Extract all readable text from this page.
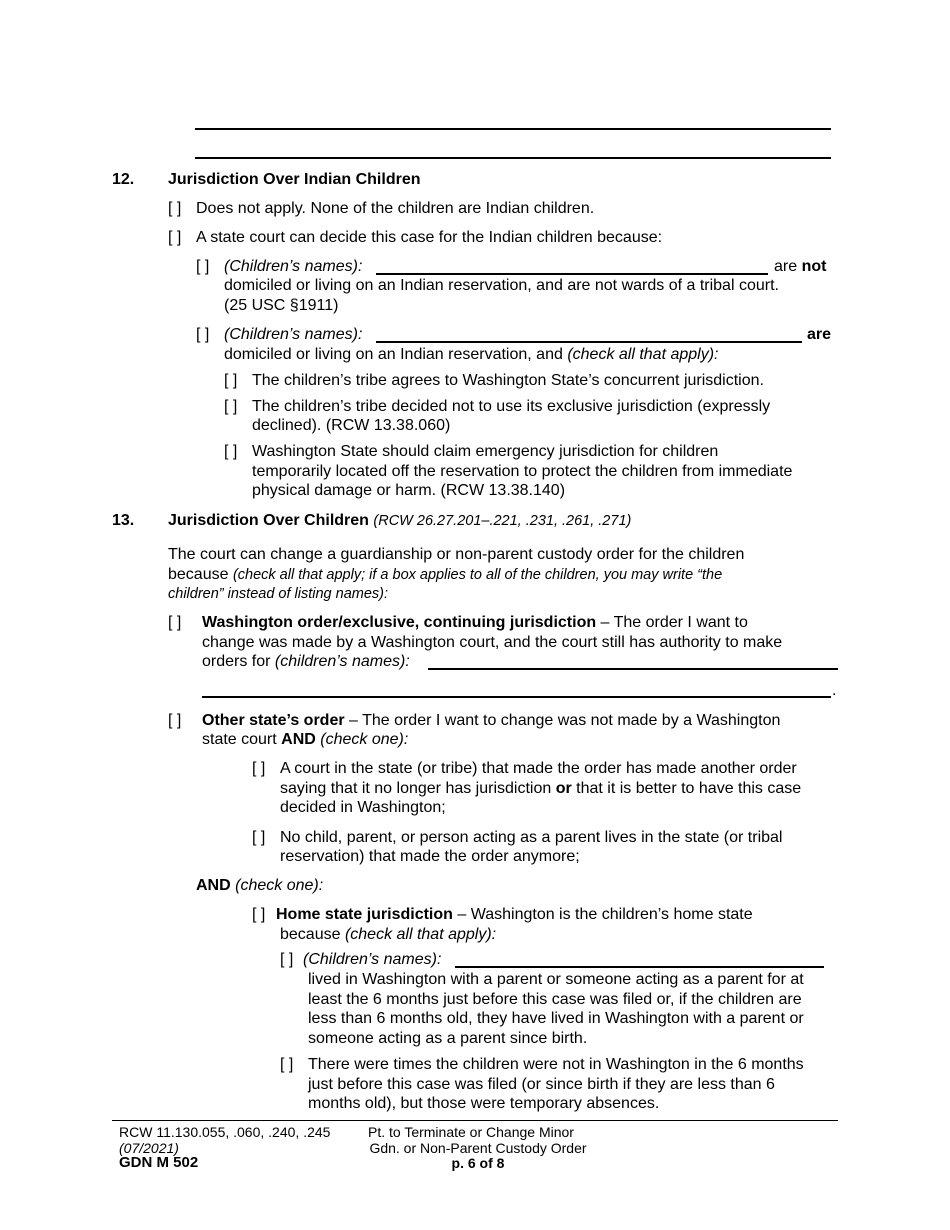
12. Jurisdiction Over Indian Children
[ ] Does not apply. None of the children are Indian children.
[ ] A state court can decide this case for the Indian children because:
[ ] (Children’s names):	are not
domiciled or living on an Indian reservation, and are not wards of a tribal court.
(25 USC §1911)
[ ] (Children’s names):	are
domiciled or living on an Indian reservation, and (check all that apply):
[ ] The children’s tribe agrees to Washington State’s concurrent jurisdiction.
[ ] The children’s tribe decided not to use its exclusive jurisdiction (expressly
declined). (RCW 13.38.060)
[ ] Washington State should claim emergency jurisdiction for children
temporarily located off the reservation to protect the children from immediate
physical damage or harm. (RCW 13.38.140)
13. Jurisdiction Over Children (RCW 26.27.201–.221, .231, .261, .271)
The court can change a guardianship or non-parent custody order for the children
because (check all that apply; if a box applies to all of the children, you may write “the
children” instead of listing names):
[ ] Washington order/exclusive, continuing jurisdiction – The order I want to
change was made by a Washington court, and the court still has authority to make
orders for (children’s names):
.
[ ] Other state’s order – The order I want to change was not made by a Washington
state court AND (check one):
[ ] A court in the state (or tribe) that made the order has made another order
saying that it no longer has jurisdiction or that it is better to have this case
decided in Washington;
[ ] No child, parent, or person acting as a parent lives in the state (or tribal
reservation) that made the order anymore;
AND (check one):
[ ] Home state jurisdiction – Washington is the children’s home state
because (check all that apply):
[ ] (Children’s names):
lived in Washington with a parent or someone acting as a parent for at
least the 6 months just before this case was filed or, if the children are
less than 6 months old, they have lived in Washington with a parent or
someone acting as a parent since birth.
[ ] There were times the children were not in Washington in the 6 months
just before this case was filed (or since birth if they are less than 6
months old), but those were temporary absences.
RCW 11.130.055, .060, .240, .245
(07/2021)
GDN M 502
Pt. to Terminate or Change Minor
Gdn. or Non-Parent Custody Order
p. 6 of 8
